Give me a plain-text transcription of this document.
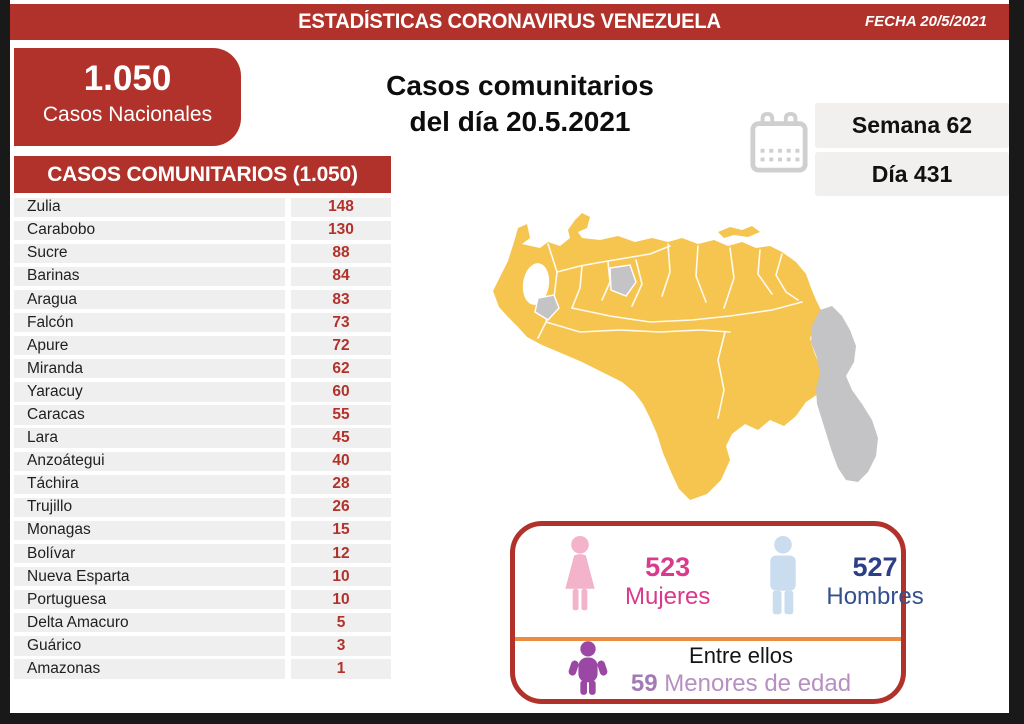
ESTADÍSTICAS CORONAVIRUS VENEZUELA	FECHA 20/5/2021
1.050
Casos Nacionales
Casos comunitarios
del día 20.5.2021	Semana 62
Día 431
CASOS COMUNITARIOS (1.050)
Zulia	148
Carabobo	130
Sucre	88
Barinas	84
Aragua	83
Falcón	73
Apure	72
Miranda	62
Yaracuy	60
Caracas	55
Lara	45
Anzoátegui	40
Táchira	28
Trujillo	26
Monagas	15
Bolívar	12
Nueva Esparta	10
Portuguesa	10
Delta Amacuro	5
Guárico	3
Amazonas	1
523
Mujeres
527
Hombres
Entre ellos
59 Menores de edad
